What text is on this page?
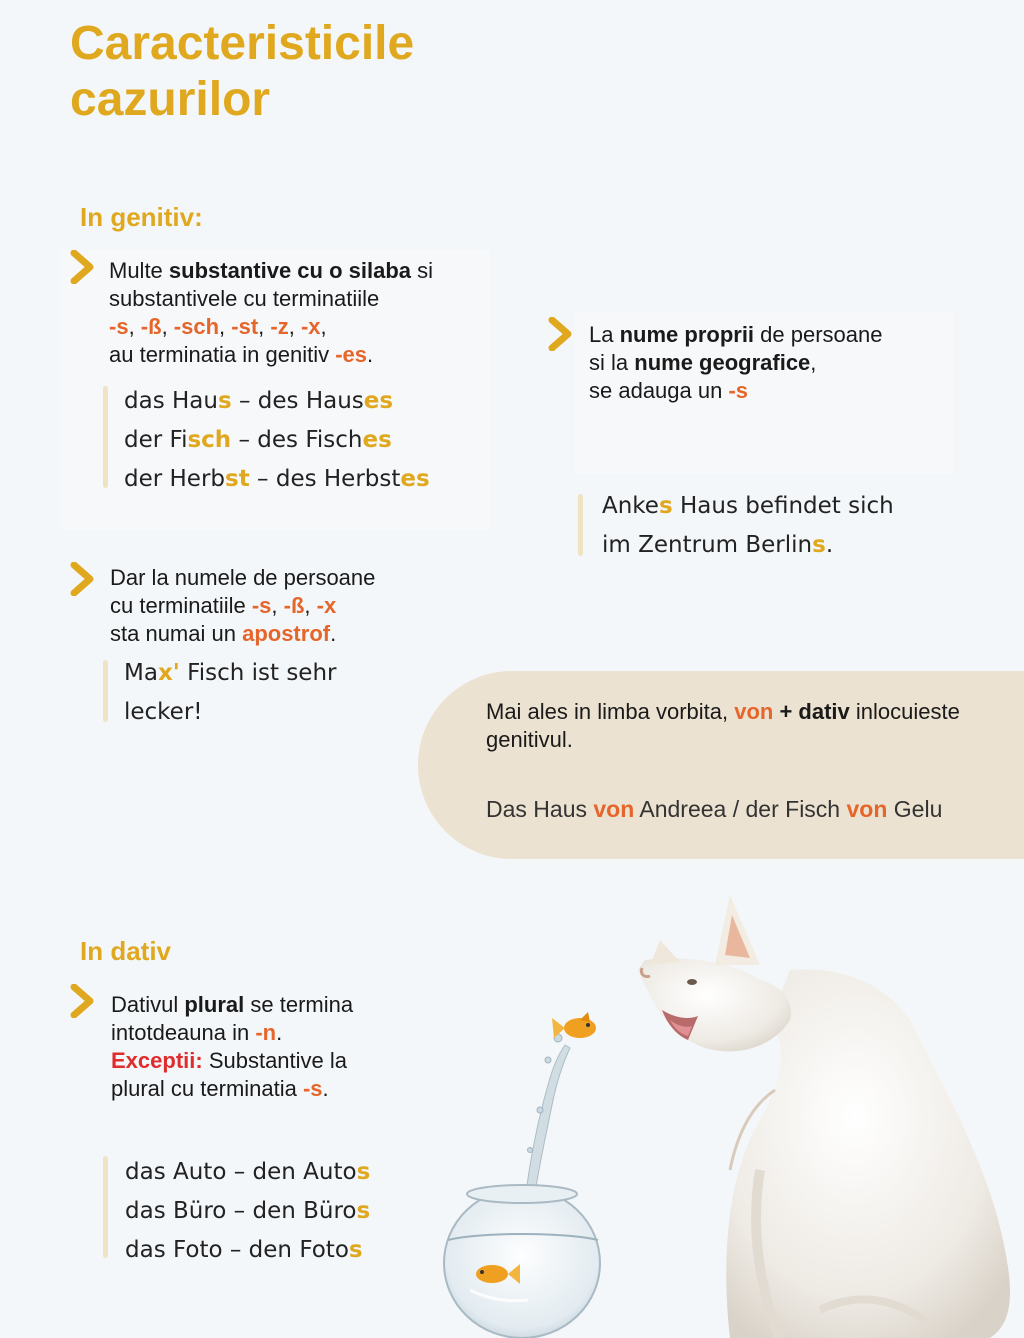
Caracteristicile
cazurilor
In genitiv:
Multe substantive cu o silaba si
substantivele cu terminatiile
-s, -ß, -sch, -st, -z, -x,
au terminatia in genitiv -es.
das Haus – des Hauses
der Fisch – des Fisches
der Herbst – des Herbstes
Dar la numele de persoane
cu terminatiile -s, -ß, -x
sta numai un apostrof.
Max' Fisch ist sehr
lecker!
La nume proprii de persoane
si la nume geografice,
se adauga un -s
Ankes Haus befindet sich
im Zentrum Berlins.
Mai ales in limba vorbita, von + dativ inlocuieste
genitivul.
Das Haus von Andreea / der Fisch von Gelu
In dativ
Dativul plural se termina
intotdeauna in -n.
Exceptii: Substantive la
plural cu terminatia -s.
das Auto – den Autos
das Büro – den Büros
das Foto – den Fotos
